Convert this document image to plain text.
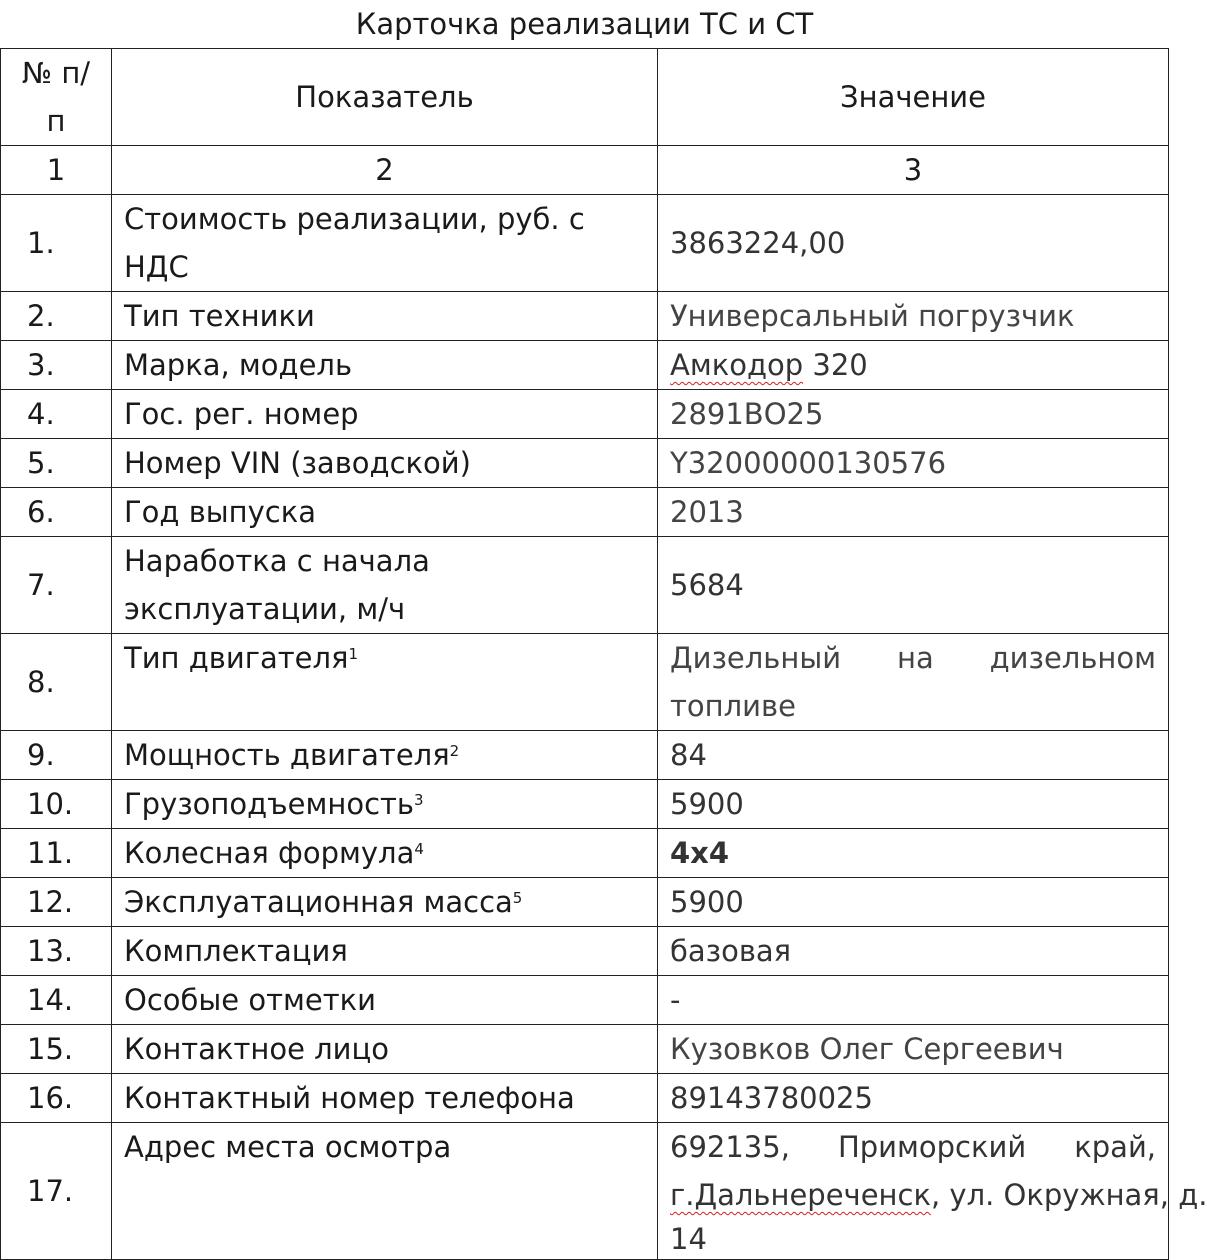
Карточка реализации ТС и СТ		
№ п/п	Показатель	Значение
1	2	3
1.	Стоимость реализации, руб. с НДС	3863224,00
2.	Тип техники	Универсальный погрузчик
3.	Марка, модель	Амкодор 320
4.	Гос. рег. номер	2891ВО25
5.	Номер VIN (заводской)	Y32000000130576
6.	Год выпуска	2013
7.	Наработка с начала эксплуатации, м/ч	5684
8.	Тип двигателя$^1$	Дизельный на дизельном
топливе

9.	Мощность двигателя$^2$	84
10.	Грузоподъемность$^3$	5900
11.	Колесная формула$^4$	4х4
12.	Эксплуатационная масса$^5$	5900
13.	Комплектация	базовая
14.	Особые отметки	-
15.	Контактное лицо	Кузовков Олег Сергеевич
16.	Контактный номер телефона	89143780025
17.	Адрес места осмотра	692135, Приморский край,
г.Дальнереченск, ул. Окружная, д.
14
